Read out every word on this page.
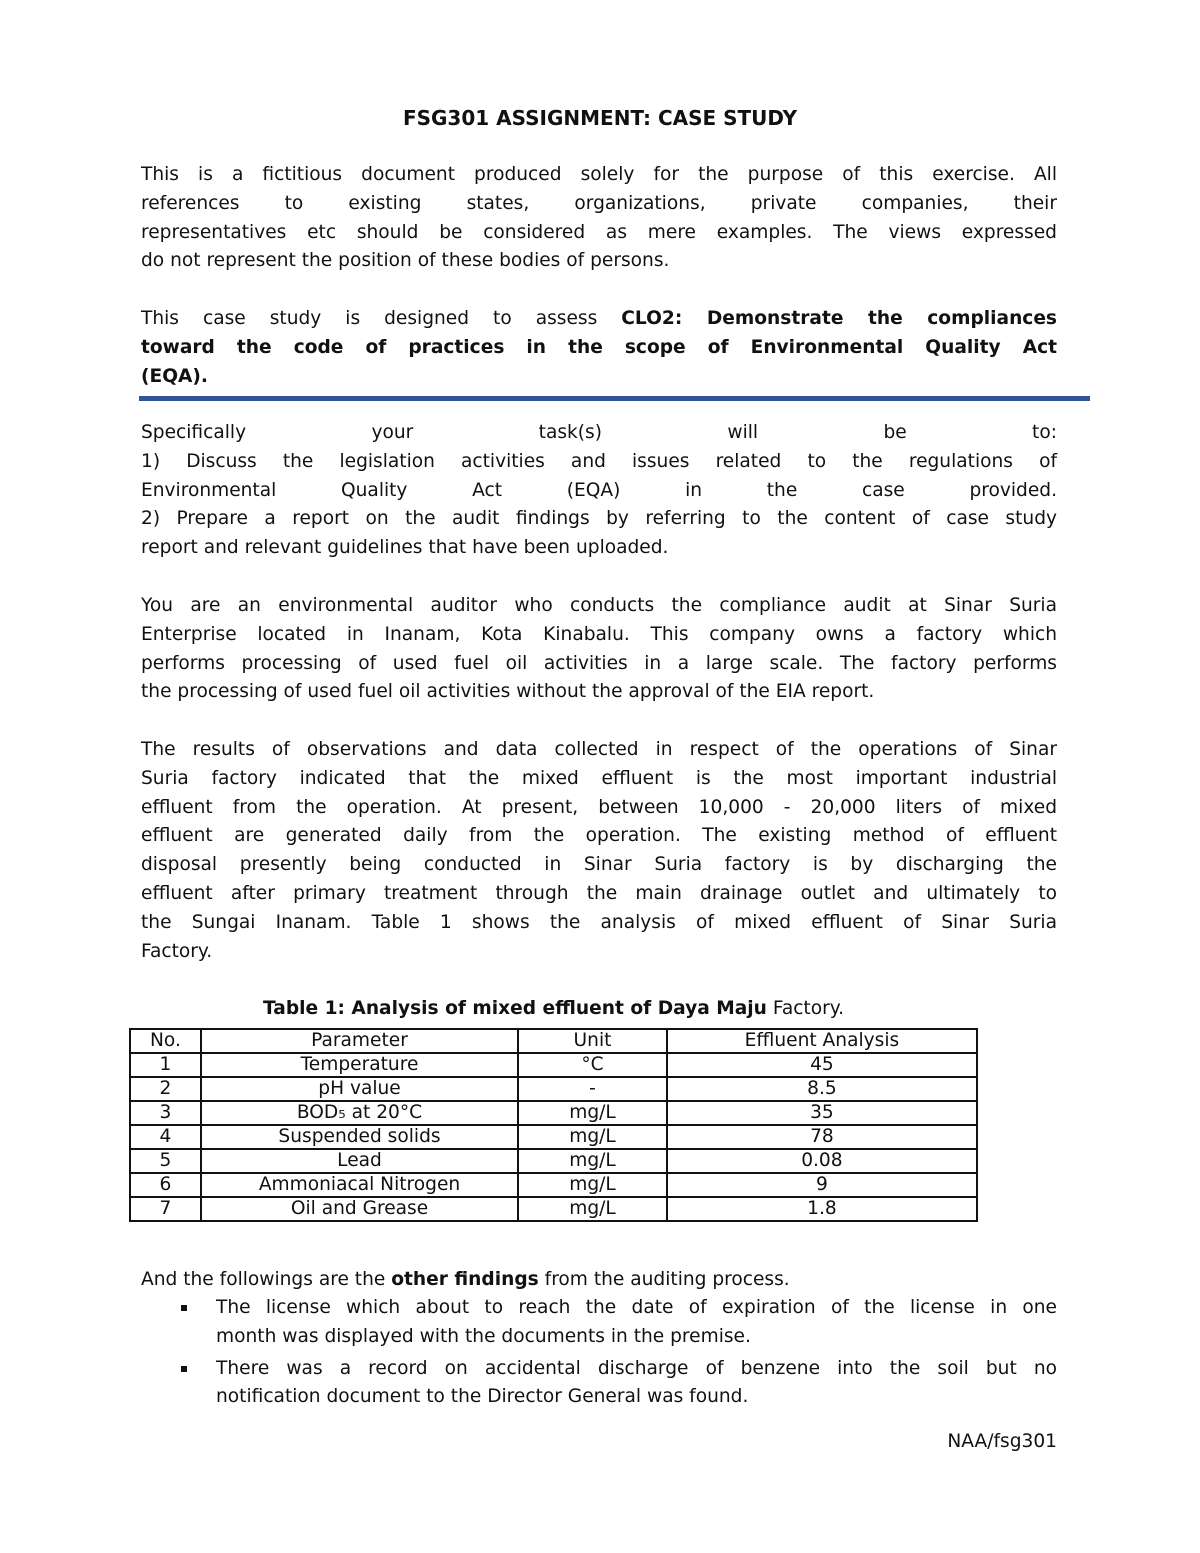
FSG301 ASSIGNMENT: CASE STUDY
This is a fictitious document produced solely for the purpose of this exercise. All
references to existing states, organizations, private companies, their
representatives etc should be considered as mere examples. The views expressed
do not represent the position of these bodies of persons.
This case study is designed to assess CLO2: Demonstrate the compliances
toward the code of practices in the scope of Environmental Quality Act
(EQA).
Specifically your task(s) will be to:
1) Discuss the legislation activities and issues related to the regulations of
Environmental Quality Act (EQA) in the case provided.
2) Prepare a report on the audit findings by referring to the content of case study
report and relevant guidelines that have been uploaded.
You are an environmental auditor who conducts the compliance audit at Sinar Suria
Enterprise located in Inanam, Kota Kinabalu. This company owns a factory which
performs processing of used fuel oil activities in a large scale. The factory performs
the processing of used fuel oil activities without the approval of the EIA report.
The results of observations and data collected in respect of the operations of Sinar
Suria factory indicated that the mixed effluent is the most important industrial
effluent from the operation. At present, between 10,000 - 20,000 liters of mixed
effluent are generated daily from the operation. The existing method of effluent
disposal presently being conducted in Sinar Suria factory is by discharging the
effluent after primary treatment through the main drainage outlet and ultimately to
the Sungai Inanam. Table 1 shows the analysis of mixed effluent of Sinar Suria
Factory.
Table 1: Analysis of mixed effluent of Daya Maju Factory.
No.	Parameter	Unit	Effluent Analysis
1	Temperature	°C	45
2	pH value	-	8.5
3	BOD₅ at 20°C	mg/L	35
4	Suspended solids	mg/L	78
5	Lead	mg/L	0.08
6	Ammoniacal Nitrogen	mg/L	9
7	Oil and Grease	mg/L	1.8
And the followings are the other findings from the auditing process.
The license which about to reach the date of expiration of the license in one
month was displayed with the documents in the premise.
There was a record on accidental discharge of benzene into the soil but no
notification document to the Director General was found.
NAA/fsg301
